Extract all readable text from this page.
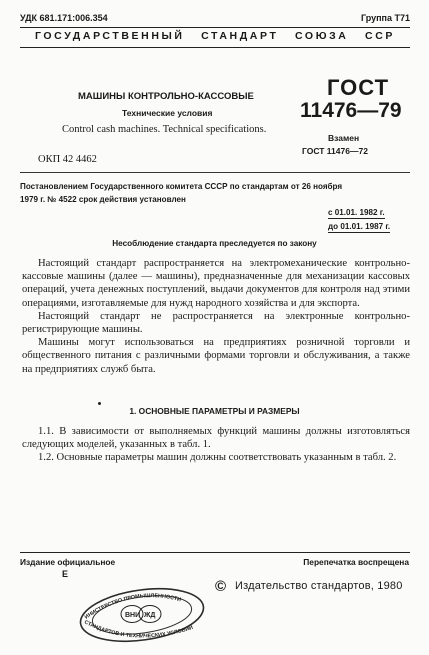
УДК 681.171:006.354	Группа Т71
ГОСУДАРСТВЕННЫЙ   СТАНДАРТ   СОЮЗА   ССР
МАШИНЫ КОНТРОЛЬНО-КАССОВЫЕ
Технические условия
Control cash machines. Technical specifications.
ОКП 42 4462
ГОСТ
11476—79
Взамен
ГОСТ 11476—72
Постановлением Государственного комитета СССР по стандартам от 26 ноября
1979 г. № 4522 срок действия установлен
с 01.01. 1982 г.
до 01.01. 1987 г.
Несоблюдение стандарта преследуется по закону

Настоящий стандарт распространяется на электромеханические контрольно-кассовые машины (далее — машины), предназначенные для механизации кассовых операций, учета денежных поступлений, выдачи документов для контроля над этими операциями, изготавляемые для нужд народного хозяйства и для экспорта.

Настоящий стандарт не распространяется на электронные контрольно-регистрирующие машины.

Машины могут использоваться на предприятиях розничной торговли и общественного питания с различными формами торговли и обслуживания, а также на предприятиях служб быта.

1. ОСНОВНЫЕ ПАРАМЕТРЫ И РАЗМЕРЫ

1.1. В зависимости от выполняемых функций машины должны изготовляться следующих моделей, указанных в табл. 1.

1.2. Основные параметры машин должны соответствовать указанным в табл. 2.

Издание официальное
Е
Перепечатка воспрещена
© Издательство стандартов, 1980
ИНИСТЕРСТВО ПРОМЫШЛЕННОСТИ
СТАНДАРТОВ И ТЕХНИЧЕСКИХ УСЛОВИЙ
ВНИ ЖД
